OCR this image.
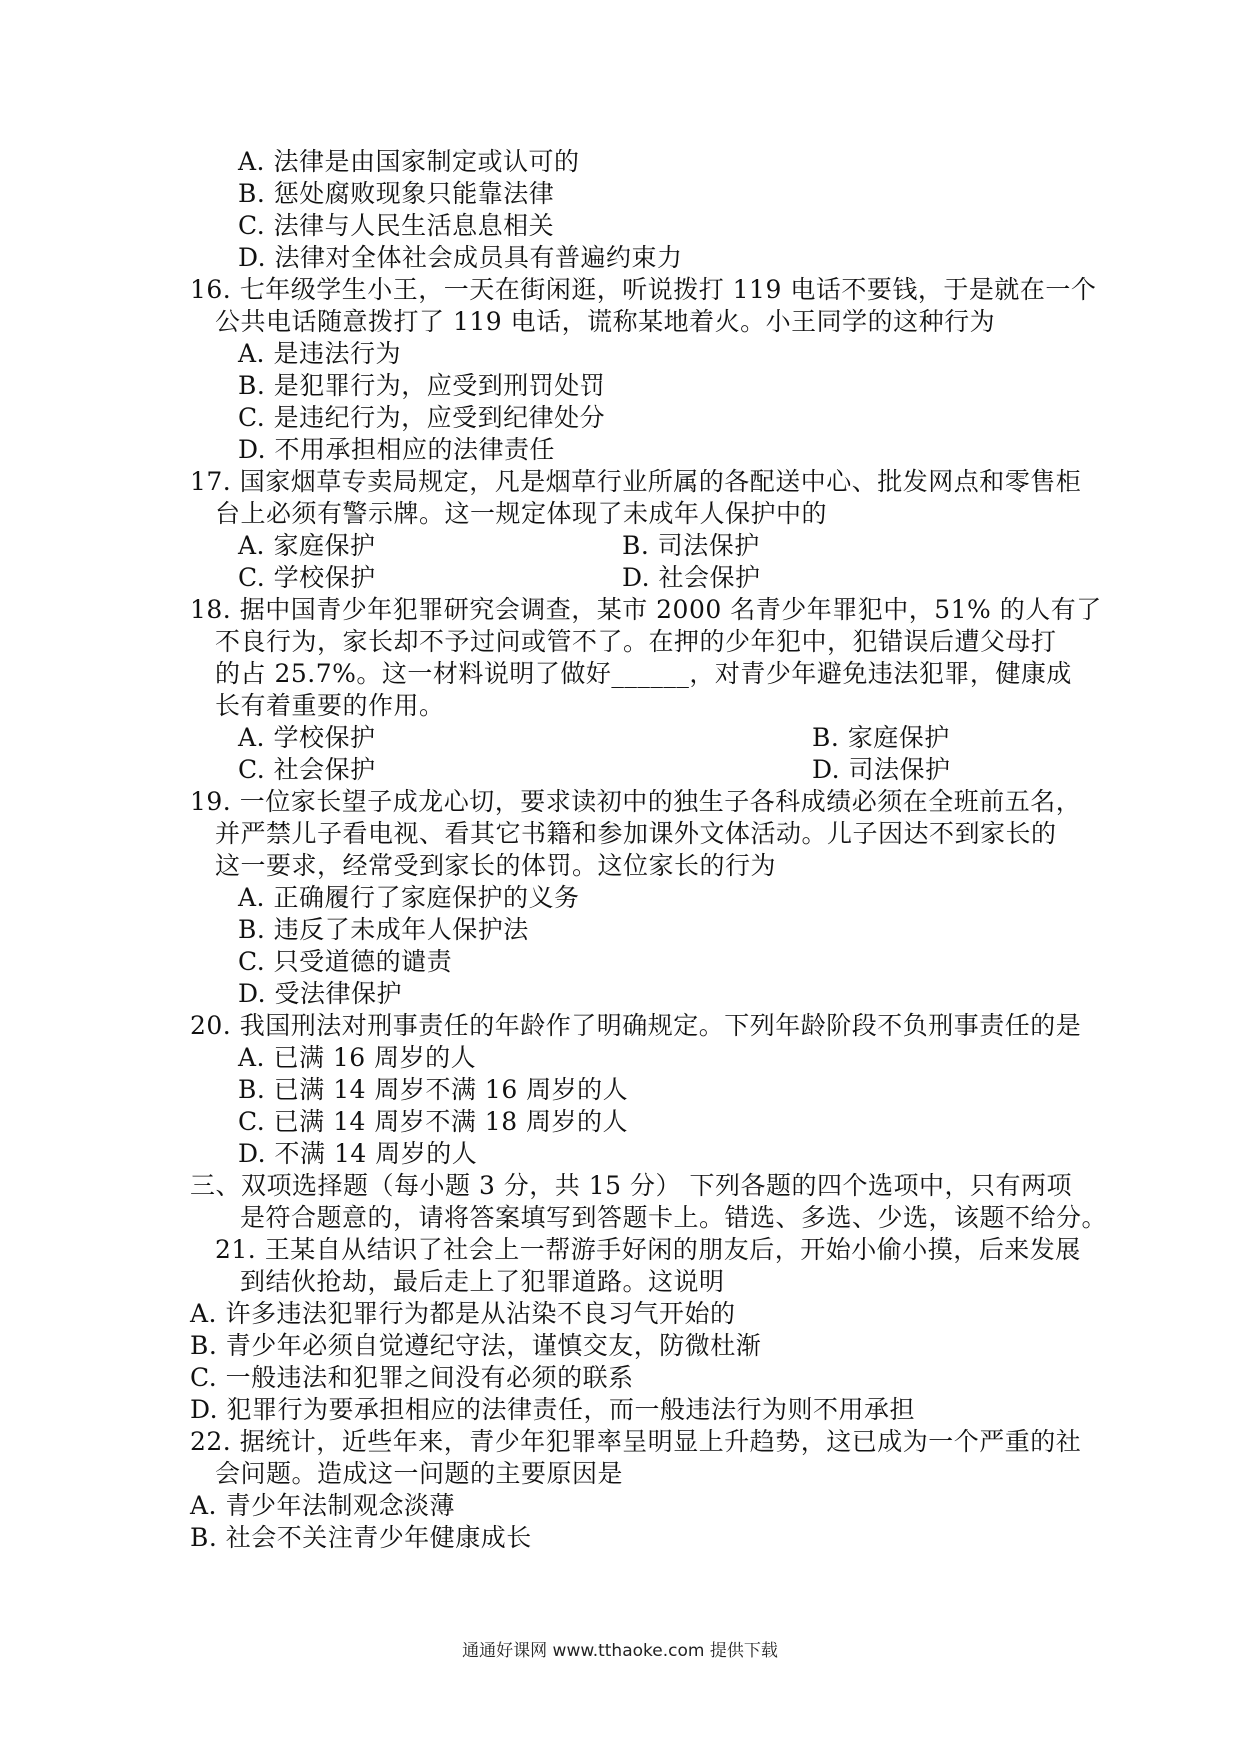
A. 法律是由国家制定或认可的
B. 惩处腐败现象只能靠法律
C. 法律与人民生活息息相关
D. 法律对全体社会成员具有普遍约束力
16. 七年级学生小王，一天在街闲逛，听说拨打 119 电话不要钱，于是就在一个
公共电话随意拨打了 119 电话，谎称某地着火。小王同学的这种行为
A. 是违法行为
B. 是犯罪行为，应受到刑罚处罚
C. 是违纪行为，应受到纪律处分
D. 不用承担相应的法律责任
17. 国家烟草专卖局规定，凡是烟草行业所属的各配送中心、批发网点和零售柜
台上必须有警示牌。这一规定体现了未成年人保护中的
A. 家庭保护	B. 司法保护
C. 学校保护	D. 社会保护
18. 据中国青少年犯罪研究会调查，某市 2000 名青少年罪犯中，51% 的人有了
不良行为，家长却不予过问或管不了。在押的少年犯中，犯错误后遭父母打
的占 25.7%。这一材料说明了做好______，对青少年避免违法犯罪，健康成
长有着重要的作用。
A. 学校保护	B. 家庭保护
C. 社会保护	D. 司法保护
19. 一位家长望子成龙心切，要求读初中的独生子各科成绩必须在全班前五名，
并严禁儿子看电视、看其它书籍和参加课外文体活动。儿子因达不到家长的
这一要求，经常受到家长的体罚。这位家长的行为
A. 正确履行了家庭保护的义务
B. 违反了未成年人保护法
C. 只受道德的谴责
D. 受法律保护
20. 我国刑法对刑事责任的年龄作了明确规定。下列年龄阶段不负刑事责任的是
A. 已满 16 周岁的人
B. 已满 14 周岁不满 16 周岁的人
C. 已满 14 周岁不满 18 周岁的人
D. 不满 14 周岁的人
三、双项选择题（每小题 3 分，共 15 分） 下列各题的四个选项中，只有两项
是符合题意的，请将答案填写到答题卡上。错选、多选、少选，该题不给分。
21. 王某自从结识了社会上一帮游手好闲的朋友后，开始小偷小摸，后来发展
到结伙抢劫，最后走上了犯罪道路。这说明
A. 许多违法犯罪行为都是从沾染不良习气开始的
B. 青少年必须自觉遵纪守法，谨慎交友，防微杜渐
C. 一般违法和犯罪之间没有必须的联系
D. 犯罪行为要承担相应的法律责任，而一般违法行为则不用承担
22. 据统计，近些年来，青少年犯罪率呈明显上升趋势，这已成为一个严重的社
会问题。造成这一问题的主要原因是
A. 青少年法制观念淡薄
B. 社会不关注青少年健康成长
通通好课网 www.tthaoke.com 提供下载
